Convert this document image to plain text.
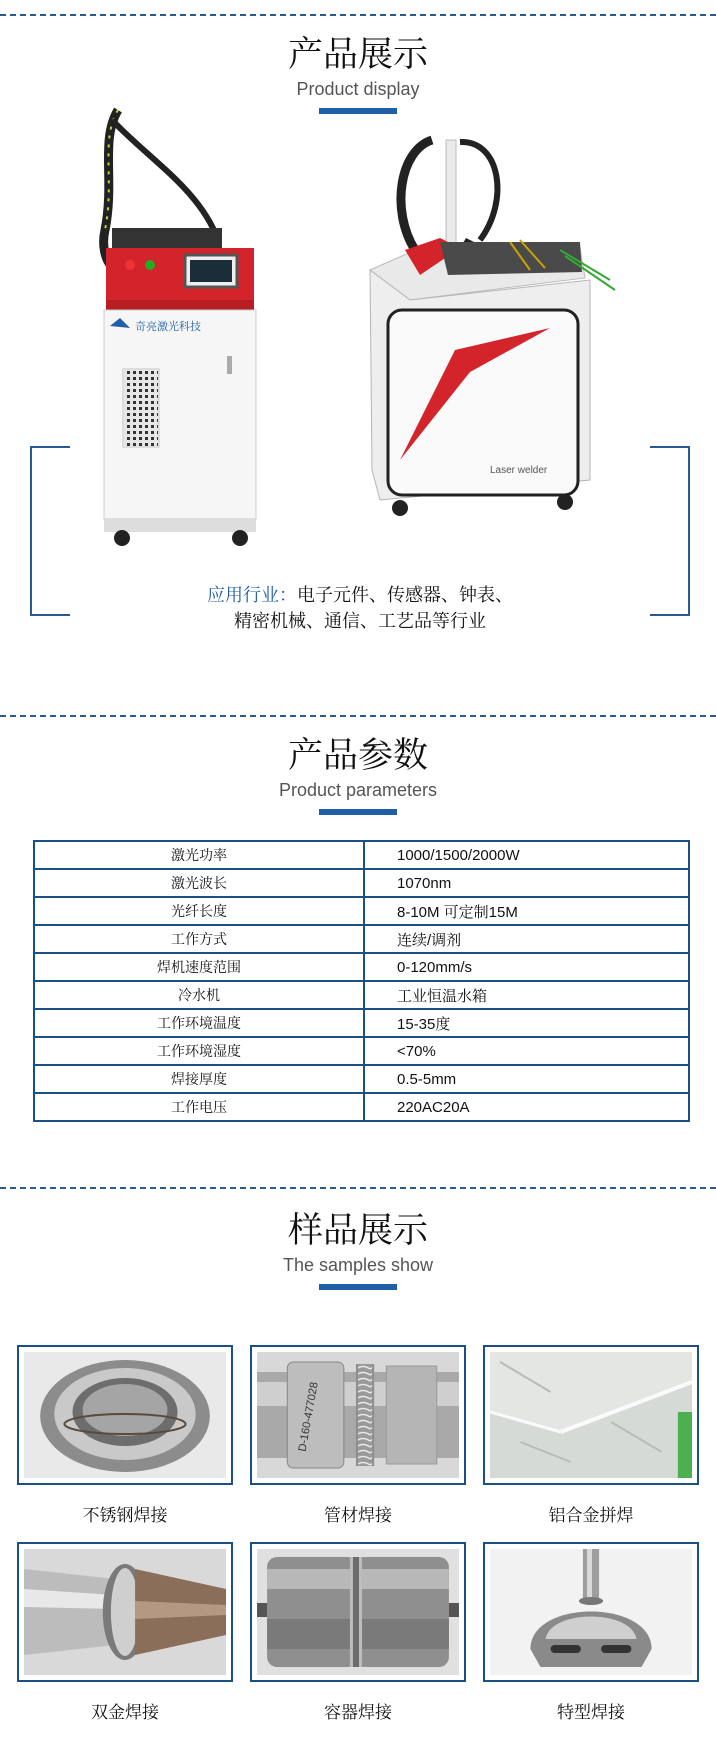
产品展示
Product display
奇亮激光科技
Laser welder
应用行业：电子元件、传感器、钟表、
精密机械、通信、工艺品等行业
产品参数
Product parameters
激光功率	1000/1500/2000W
激光波长	1070nm
光纤长度	8-10M 可定制15M
工作方式	连续/调剂
焊机速度范围	0-120mm/s
冷水机	工业恒温水箱
工作环境温度	15-35度
工作环境湿度	<70%
焊接厚度	0.5-5mm
工作电压	220AC20A
样品展示
The samples show
不锈钢焊接
D-160-477028
管材焊接	铝合金拼焊
双金焊接	容器焊接	特型焊接
